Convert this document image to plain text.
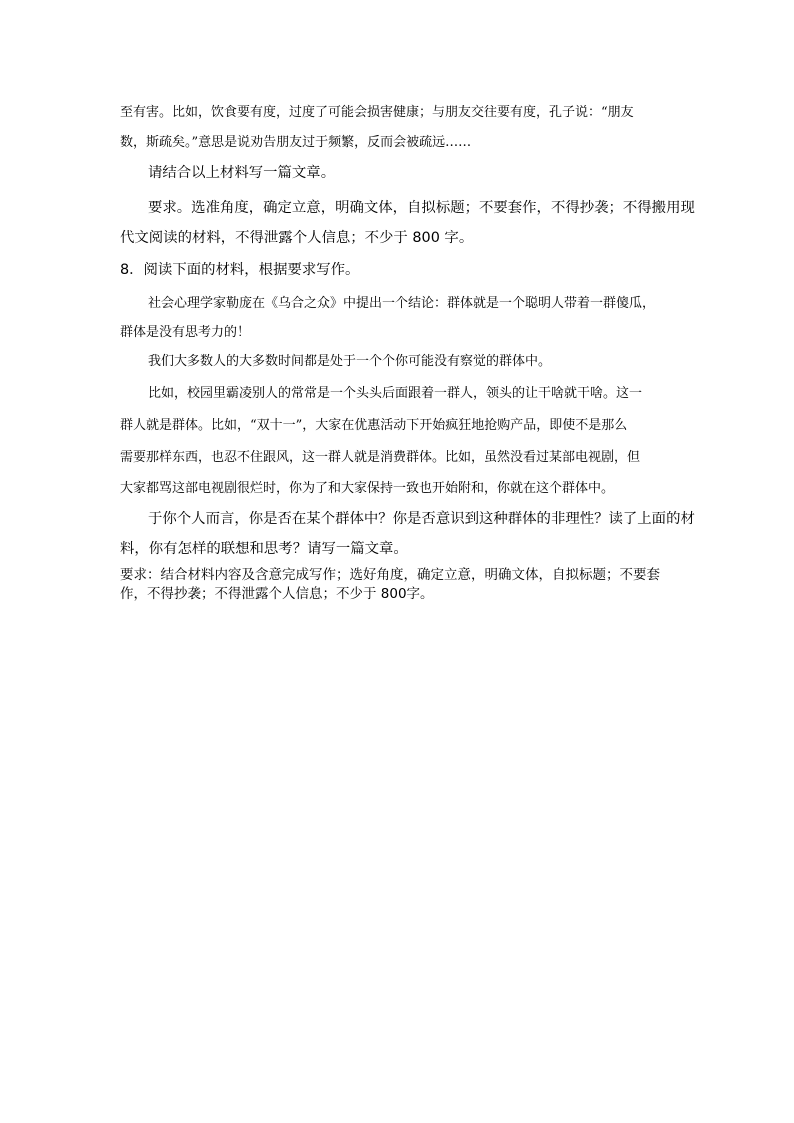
至有害。比如，饮食要有度，过度了可能会损害健康；与朋友交往要有度，孔子说：“朋友
数，斯疏矣。”意思是说劝告朋友过于频繁，反而会被疏远……
请结合以上材料写一篇文章。
要求。选准角度，确定立意，明确文体，自拟标题；不要套作，不得抄袭；不得搬用现
代文阅读的材料，不得泄露个人信息；不少于 800 字。
8．阅读下面的材料，根据要求写作。
社会心理学家勒庞在《乌合之众》中提出一个结论：群体就是一个聪明人带着一群傻瓜，
群体是没有思考力的！
我们大多数人的大多数时间都是处于一个个你可能没有察觉的群体中。
比如，校园里霸凌别人的常常是一个头头后面跟着一群人，领头的让干啥就干啥。这一
群人就是群体。比如，“双十一”，大家在优惠活动下开始疯狂地抢购产品，即使不是那么
需要那样东西，也忍不住跟风，这一群人就是消费群体。比如，虽然没看过某部电视剧，但
大家都骂这部电视剧很烂时，你为了和大家保持一致也开始附和，你就在这个群体中。
于你个人而言，你是否在某个群体中？你是否意识到这种群体的非理性？读了上面的材
料，你有怎样的联想和思考？请写一篇文章。
要求：结合材料内容及含意完成写作；选好角度，确定立意，明确文体，自拟标题；不要套
作，不得抄袭；不得泄露个人信息；不少于 800字。
